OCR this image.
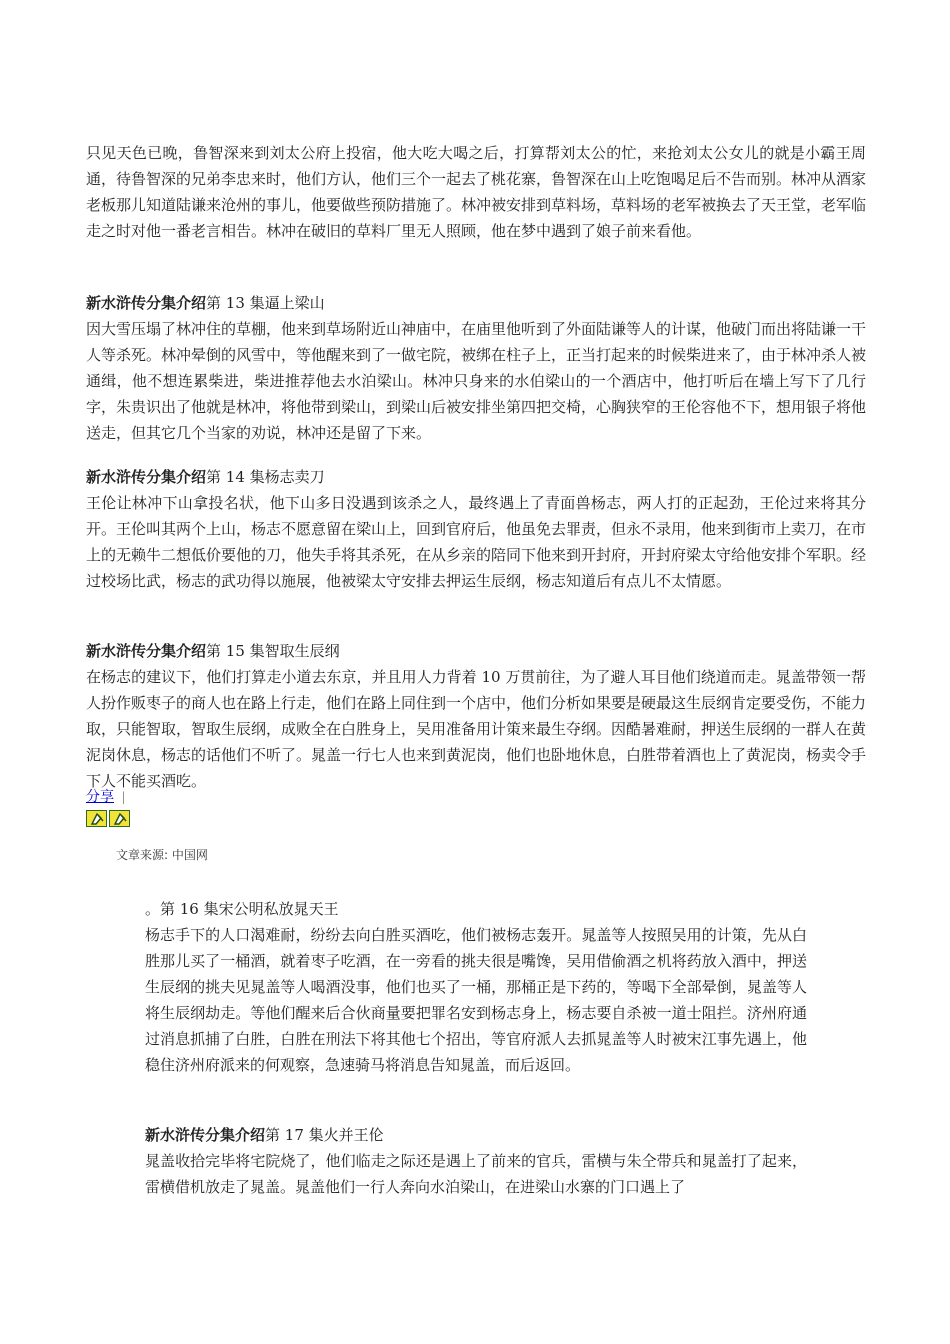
只见天色已晚，鲁智深来到刘太公府上投宿，他大吃大喝之后，打算帮刘太公的忙，来抢刘太公女儿的就是小霸王周通，待鲁智深的兄弟李忠来时，他们方认，他们三个一起去了桃花寨，鲁智深在山上吃饱喝足后不告而别。林冲从酒家老板那儿知道陆谦来沧州的事儿，他要做些预防措施了。林冲被安排到草料场，草料场的老军被换去了天王堂，老军临走之时对他一番老言相告。林冲在破旧的草料厂里无人照顾，他在梦中遇到了娘子前来看他。
新水浒传分集介绍第 13 集逼上梁山
因大雪压塌了林冲住的草棚，他来到草场附近山神庙中，在庙里他听到了外面陆谦等人的计谋，他破门而出将陆谦一干人等杀死。林冲晕倒的风雪中，等他醒来到了一做宅院，被绑在柱子上，正当打起来的时候柴进来了，由于林冲杀人被通缉，他不想连累柴进，柴进推荐他去水泊梁山。林冲只身来的水伯梁山的一个酒店中，他打听后在墙上写下了几行字，朱贵识出了他就是林冲，将他带到梁山，到梁山后被安排坐第四把交椅，心胸狭窄的王伦容他不下，想用银子将他送走，但其它几个当家的劝说，林冲还是留了下来。
新水浒传分集介绍第 14 集杨志卖刀
王伦让林冲下山拿投名状，他下山多日没遇到该杀之人，最终遇上了青面兽杨志，两人打的正起劲，王伦过来将其分开。王伦叫其两个上山，杨志不愿意留在梁山上，回到官府后，他虽免去罪责，但永不录用，他来到街市上卖刀，在市上的无赖牛二想低价要他的刀，他失手将其杀死，在从乡亲的陪同下他来到开封府，开封府梁太守给他安排个军职。经过校场比武，杨志的武功得以施展，他被梁太守安排去押运生辰纲，杨志知道后有点儿不太情愿。
新水浒传分集介绍第 15 集智取生辰纲
在杨志的建议下，他们打算走小道去东京，并且用人力背着 10 万贯前往，为了避人耳目他们绕道而走。晁盖带领一帮人扮作贩枣子的商人也在路上行走，他们在路上同住到一个店中，他们分析如果要是硬最这生辰纲肯定要受伤，不能力取，只能智取，智取生辰纲，成败全在白胜身上，吴用准备用计策来最生夺纲。因酷暑难耐，押送生辰纲的一群人在黄泥岗休息，杨志的话他们不听了。晁盖一行七人也来到黄泥岗，他们也卧地休息，白胜带着酒也上了黄泥岗，杨卖令手下人不能买酒吃。
分享 |
文章来源: 中国网
。第 16 集宋公明私放晁天王
杨志手下的人口渴难耐，纷纷去向白胜买酒吃，他们被杨志轰开。晁盖等人按照吴用的计策，先从白胜那儿买了一桶酒，就着枣子吃酒，在一旁看的挑夫很是嘴馋，吴用借偷酒之机将药放入酒中，押送生辰纲的挑夫见晁盖等人喝酒没事，他们也买了一桶，那桶正是下药的，等喝下全部晕倒，晁盖等人将生辰纲劫走。等他们醒来后合伙商量要把罪名安到杨志身上，杨志要自杀被一道士阻拦。济州府通过消息抓捕了白胜，白胜在刑法下将其他七个招出，等官府派人去抓晁盖等人时被宋江事先遇上，他稳住济州府派来的何观察，急速骑马将消息告知晁盖，而后返回。
新水浒传分集介绍第 17 集火并王伦
晁盖收拾完毕将宅院烧了，他们临走之际还是遇上了前来的官兵，雷横与朱仝带兵和晁盖打了起来，雷横借机放走了晁盖。晁盖他们一行人奔向水泊梁山，在进梁山水寨的门口遇上了
